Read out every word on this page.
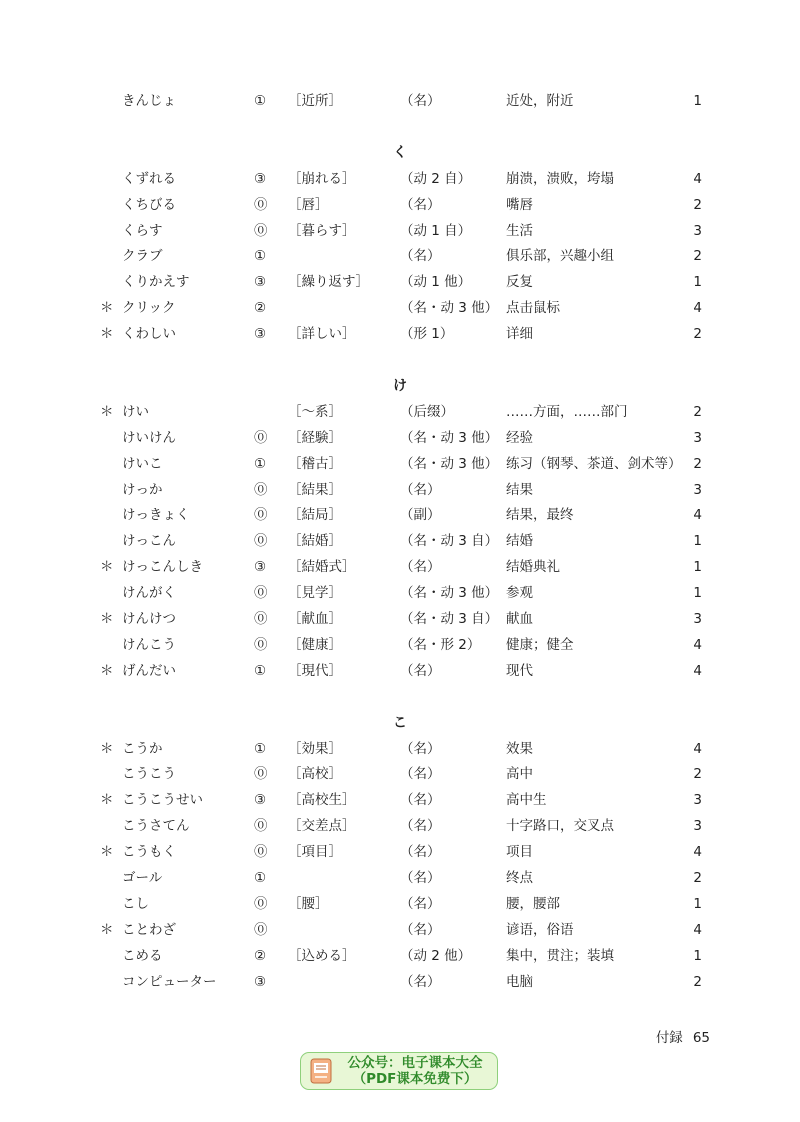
きんじょ	① ［近所］	（名）	近处，附近	1
く
くずれる	③ ［崩れる］	（动 2 自）	崩溃，溃败，垮塌	4
くちびる	⓪ ［唇］	（名）	嘴唇	2
くらす	⓪ ［暮らす］	（动 1 自）	生活	3
クラブ	①	（名）	俱乐部，兴趣小组	2
くりかえす	③ ［繰り返す］ （动 1 他）	反复	1
＊ クリック	②	（名・动 3 他） 点击鼠标	4
＊ くわしい	③ ［詳しい］	（形 1）	详细	2
け
＊ けい	［～系］	（后缀）	……方面，……部门	2
けいけん	⓪ ［経験］	（名・动 3 他） 经验	3
けいこ	① ［稽古］	（名・动 3 他） 练习（钢琴、茶道、剑术等） 2
けっか	⓪ ［結果］	（名）	结果	3
けっきょく	⓪ ［結局］	（副）	结果，最终	4
けっこん	⓪ ［結婚］	（名・动 3 自） 结婚	1
＊ けっこんしき	③ ［結婚式］	（名）	结婚典礼	1
けんがく	⓪ ［見学］	（名・动 3 他） 参观	1
＊ けんけつ	⓪ ［献血］	（名・动 3 自） 献血	3
けんこう	⓪ ［健康］	（名・形 2） 健康；健全	4
＊ げんだい	① ［現代］	（名）	现代	4
こ
＊ こうか	① ［効果］	（名）	效果	4
こうこう	⓪ ［高校］	（名）	高中	2
＊ こうこうせい	③ ［高校生］	（名）	高中生	3
こうさてん	⓪ ［交差点］	（名）	十字路口，交叉点	3
＊ こうもく	⓪ ［項目］	（名）	项目	4
ゴール	①	（名）	终点	2
こし	⓪ ［腰］	（名）	腰，腰部	1
＊ ことわざ	⓪	（名）	谚语，俗语	4
こめる	② ［込める］	（动 2 他）	集中，贯注；装填	1
コンピューター	③	（名）	电脑	2
付録 65
公众号：电子课本大全
（PDF课本免费下）
